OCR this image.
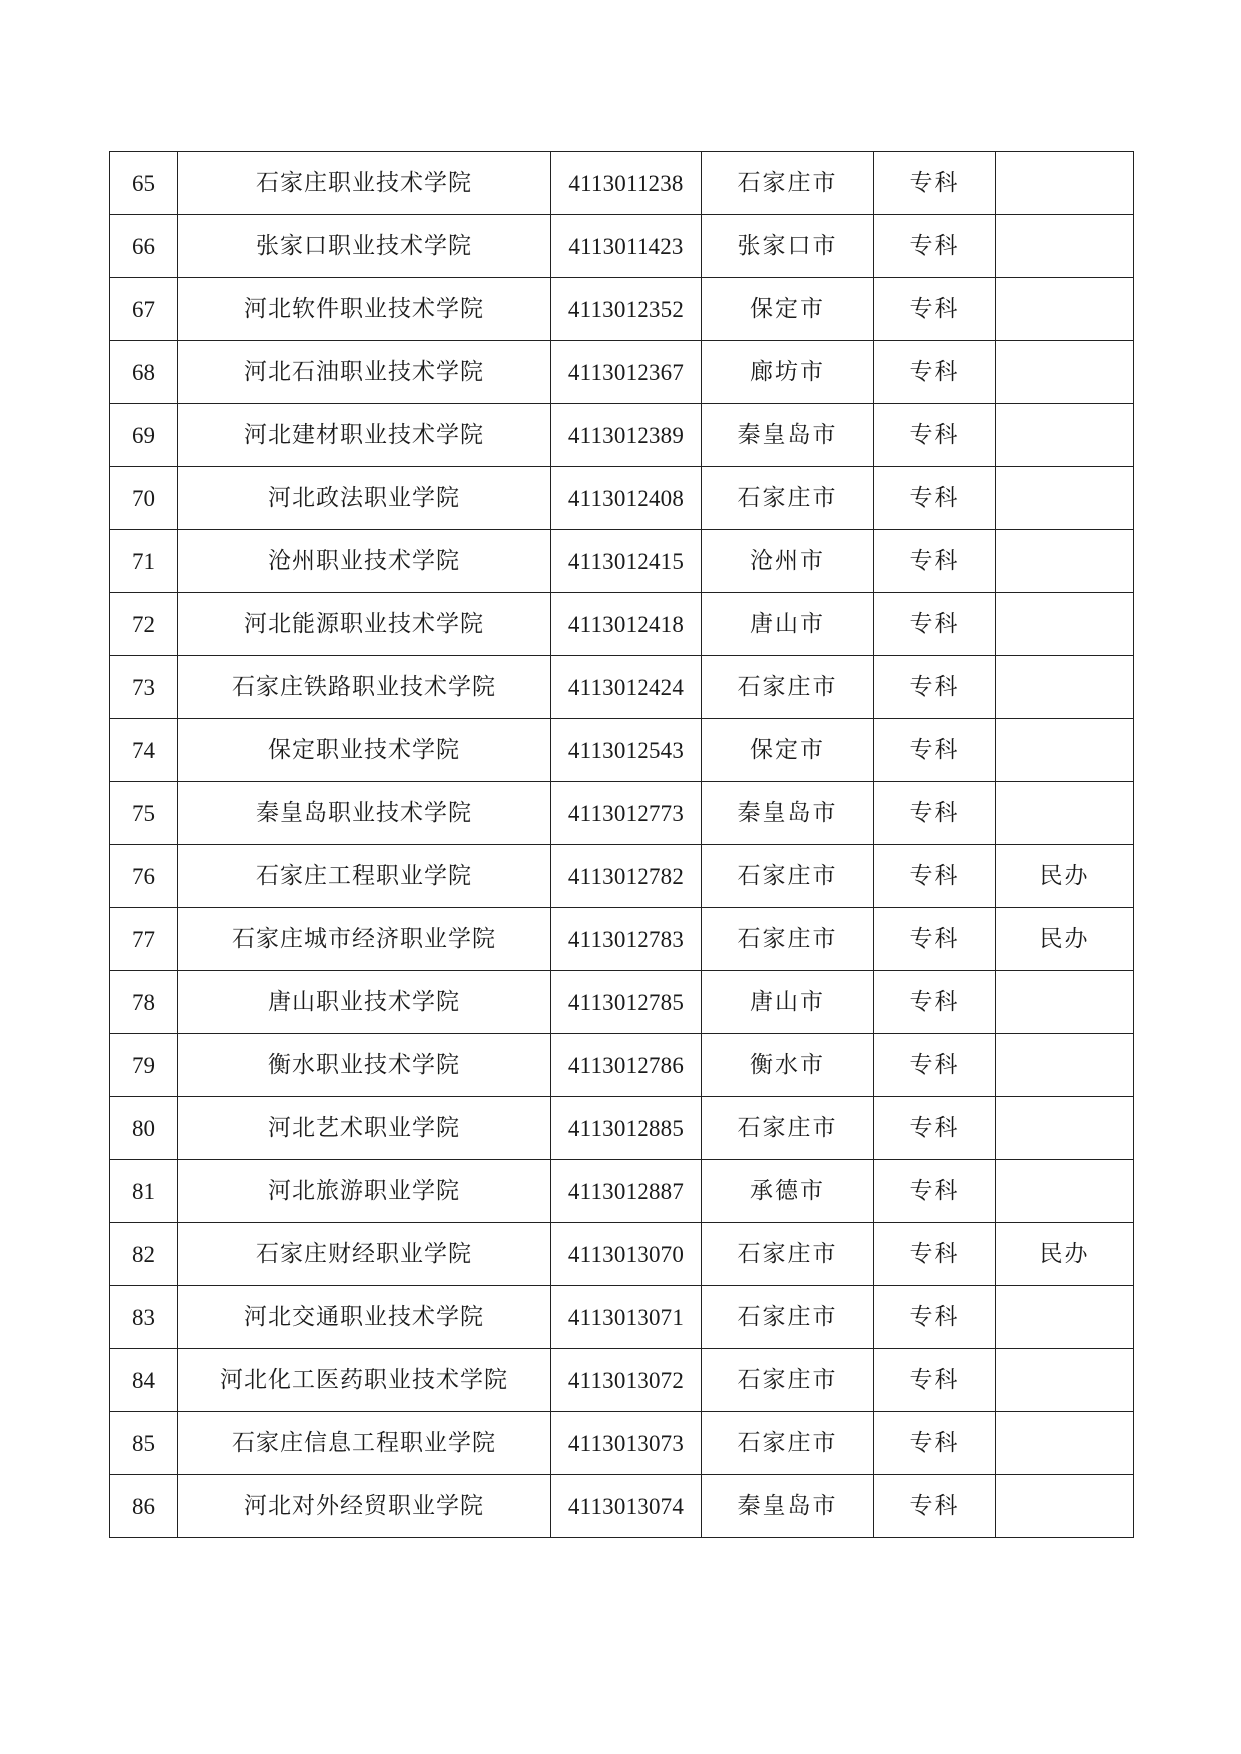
65	石家庄职业技术学院	4113011238	石家庄市	专科	
66	张家口职业技术学院	4113011423	张家口市	专科	
67	河北软件职业技术学院	4113012352	保定市	专科	
68	河北石油职业技术学院	4113012367	廊坊市	专科	
69	河北建材职业技术学院	4113012389	秦皇岛市	专科	
70	河北政法职业学院	4113012408	石家庄市	专科	
71	沧州职业技术学院	4113012415	沧州市	专科	
72	河北能源职业技术学院	4113012418	唐山市	专科	
73	石家庄铁路职业技术学院	4113012424	石家庄市	专科	
74	保定职业技术学院	4113012543	保定市	专科	
75	秦皇岛职业技术学院	4113012773	秦皇岛市	专科	
76	石家庄工程职业学院	4113012782	石家庄市	专科	民办
77	石家庄城市经济职业学院	4113012783	石家庄市	专科	民办
78	唐山职业技术学院	4113012785	唐山市	专科	
79	衡水职业技术学院	4113012786	衡水市	专科	
80	河北艺术职业学院	4113012885	石家庄市	专科	
81	河北旅游职业学院	4113012887	承德市	专科	
82	石家庄财经职业学院	4113013070	石家庄市	专科	民办
83	河北交通职业技术学院	4113013071	石家庄市	专科	
84	河北化工医药职业技术学院	4113013072	石家庄市	专科	
85	石家庄信息工程职业学院	4113013073	石家庄市	专科	
86	河北对外经贸职业学院	4113013074	秦皇岛市	专科	
